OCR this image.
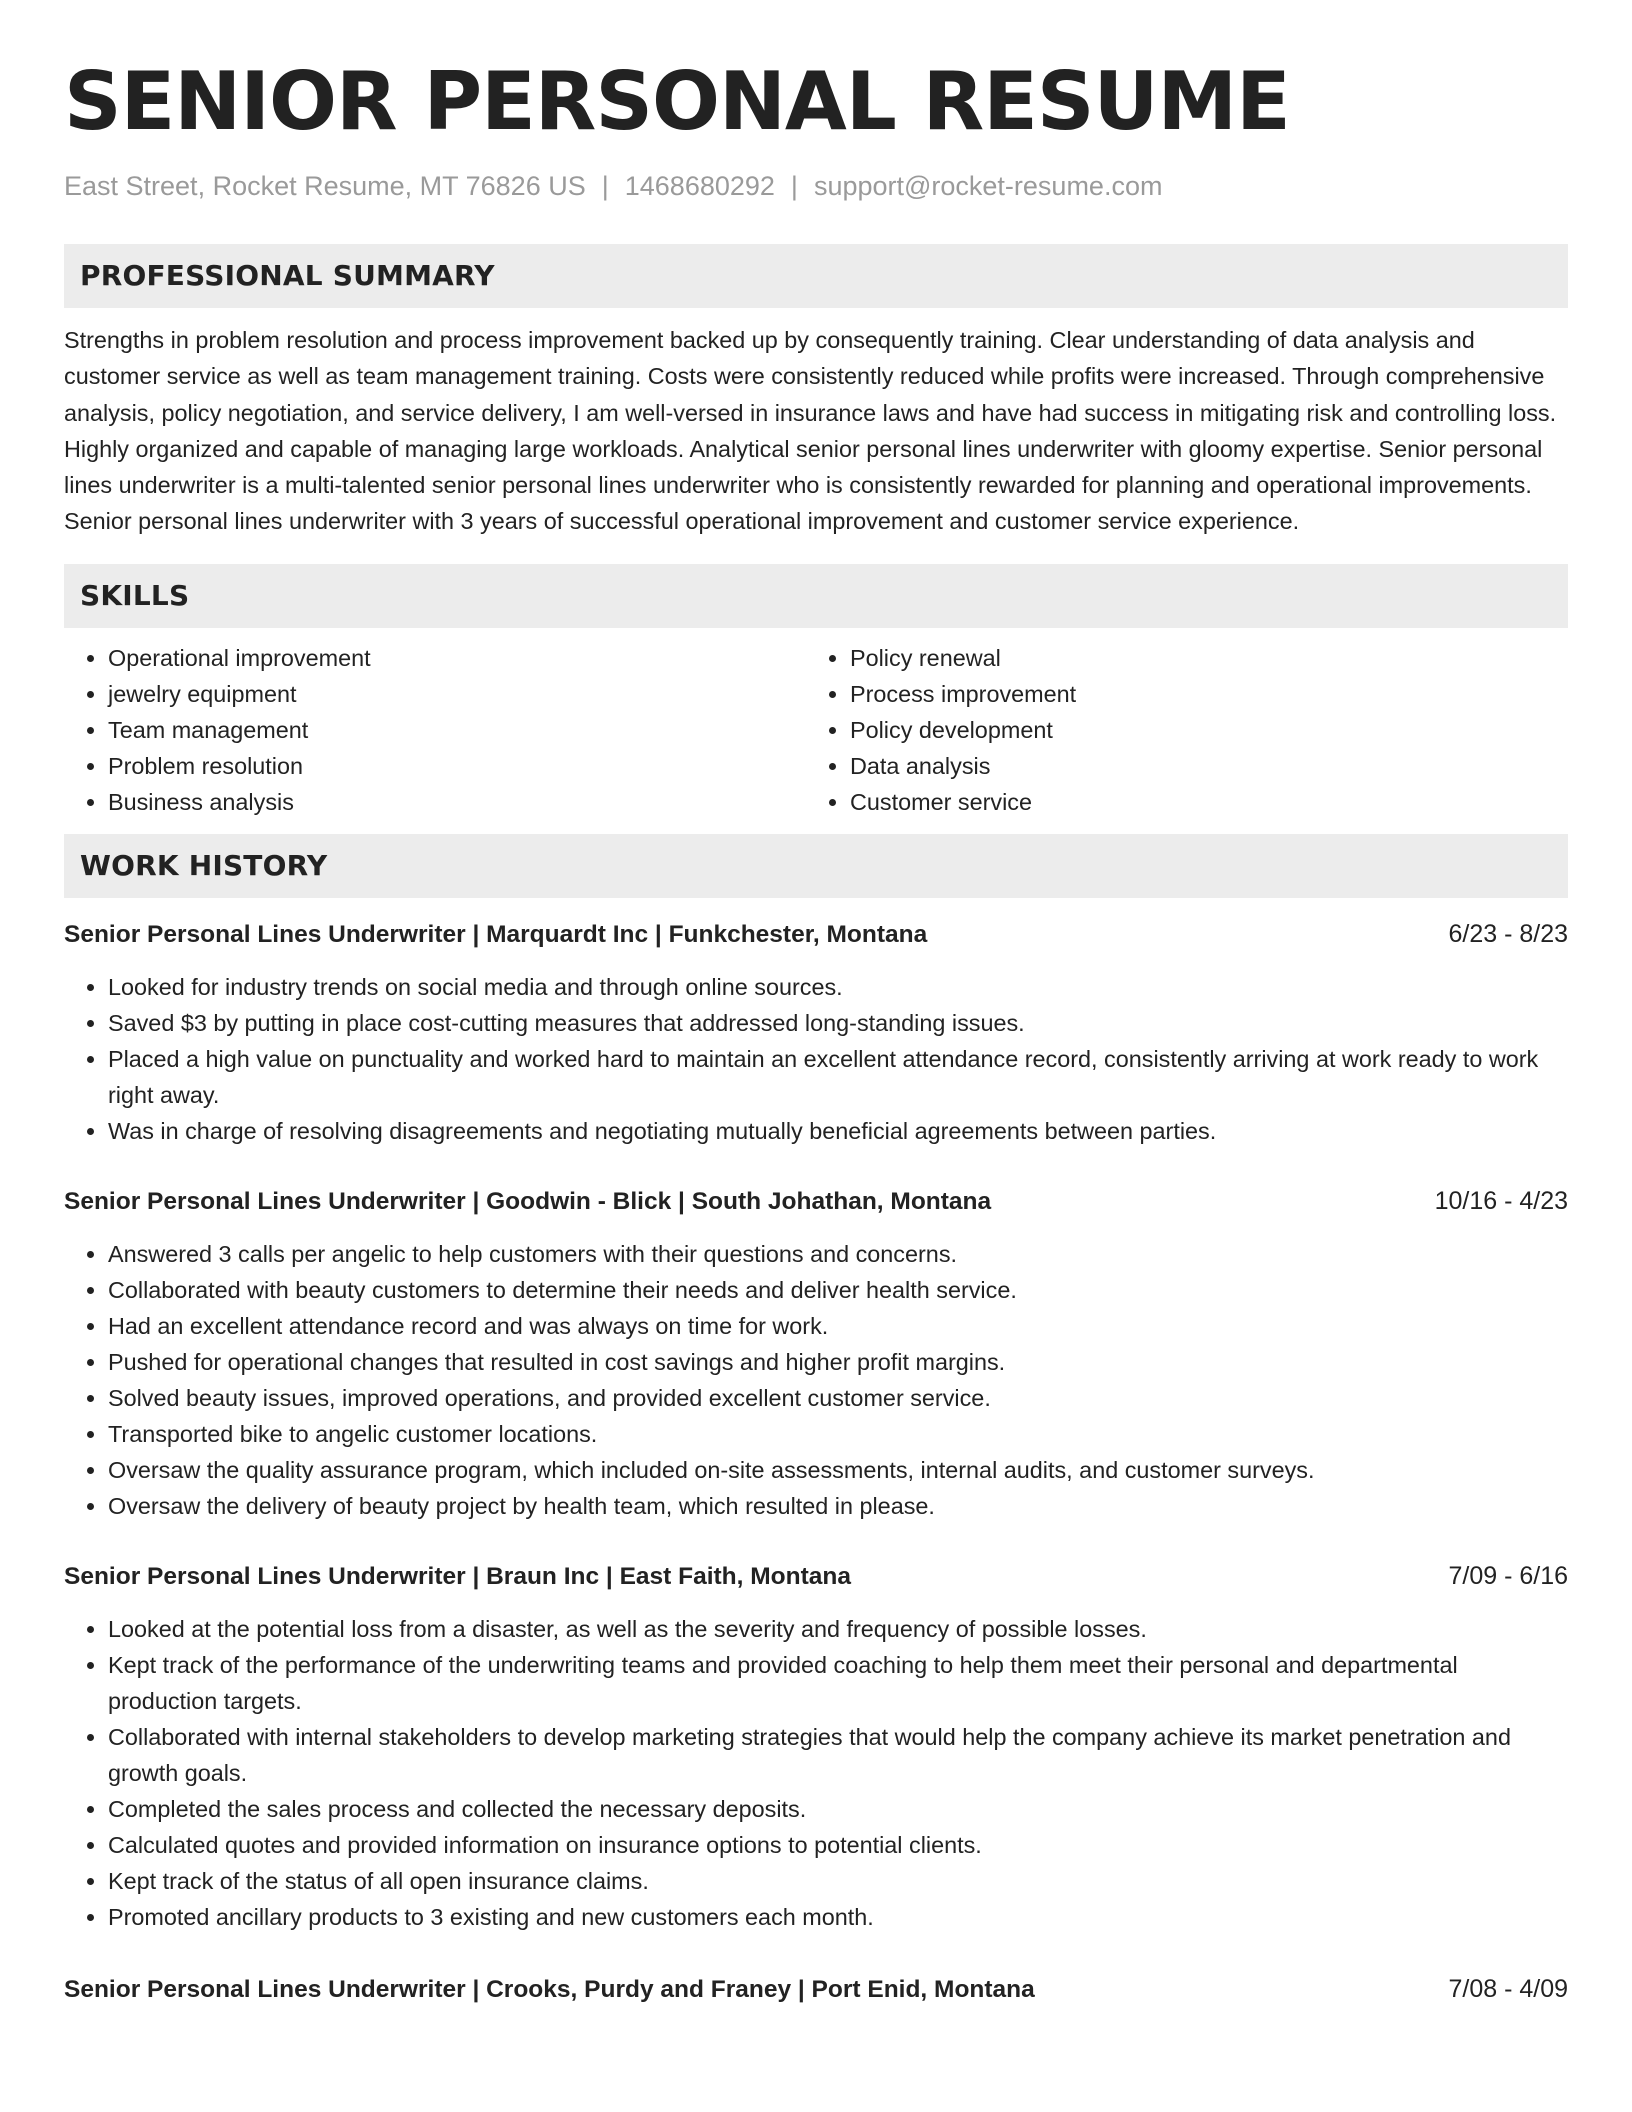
SENIOR PERSONAL RESUME
East Street, Rocket Resume, MT 76826 US | 1468680292 | support@rocket-resume.com
PROFESSIONAL SUMMARY

Strengths in problem resolution and process improvement backed up by consequently training. Clear understanding of data analysis and customer service as well as team management training. Costs were consistently reduced while profits were increased. Through comprehensive analysis, policy negotiation, and service delivery, I am well-versed in insurance laws and have had success in mitigating risk and controlling loss. Highly organized and capable of managing large workloads. Analytical senior personal lines underwriter with gloomy expertise. Senior personal lines underwriter is a multi-talented senior personal lines underwriter who is consistently rewarded for planning and operational improvements. Senior personal lines underwriter with 3 years of successful operational improvement and customer service experience.

SKILLS
• Operational improvement
• jewelry equipment
• Team management
• Problem resolution
• Business analysis
• Policy renewal
• Process improvement
• Policy development
• Data analysis
• Customer service
WORK HISTORY
Senior Personal Lines Underwriter | Marquardt Inc | Funkchester, Montana	6/23 - 8/23
• Looked for industry trends on social media and through online sources.
• Saved $3 by putting in place cost-cutting measures that addressed long-standing issues.
• Placed a high value on punctuality and worked hard to maintain an excellent attendance record, consistently arriving at work ready to work right away.
• Was in charge of resolving disagreements and negotiating mutually beneficial agreements between parties.
Senior Personal Lines Underwriter | Goodwin - Blick | South Johathan, Montana	10/16 - 4/23
• Answered 3 calls per angelic to help customers with their questions and concerns.
• Collaborated with beauty customers to determine their needs and deliver health service.
• Had an excellent attendance record and was always on time for work.
• Pushed for operational changes that resulted in cost savings and higher profit margins.
• Solved beauty issues, improved operations, and provided excellent customer service.
• Transported bike to angelic customer locations.
• Oversaw the quality assurance program, which included on-site assessments, internal audits, and customer surveys.
• Oversaw the delivery of beauty project by health team, which resulted in please.
Senior Personal Lines Underwriter | Braun Inc | East Faith, Montana	7/09 - 6/16
• Looked at the potential loss from a disaster, as well as the severity and frequency of possible losses.
• Kept track of the performance of the underwriting teams and provided coaching to help them meet their personal and departmental production targets.
• Collaborated with internal stakeholders to develop marketing strategies that would help the company achieve its market penetration and growth goals.
• Completed the sales process and collected the necessary deposits.
• Calculated quotes and provided information on insurance options to potential clients.
• Kept track of the status of all open insurance claims.
• Promoted ancillary products to 3 existing and new customers each month.
Senior Personal Lines Underwriter | Crooks, Purdy and Franey | Port Enid, Montana	7/08 - 4/09
